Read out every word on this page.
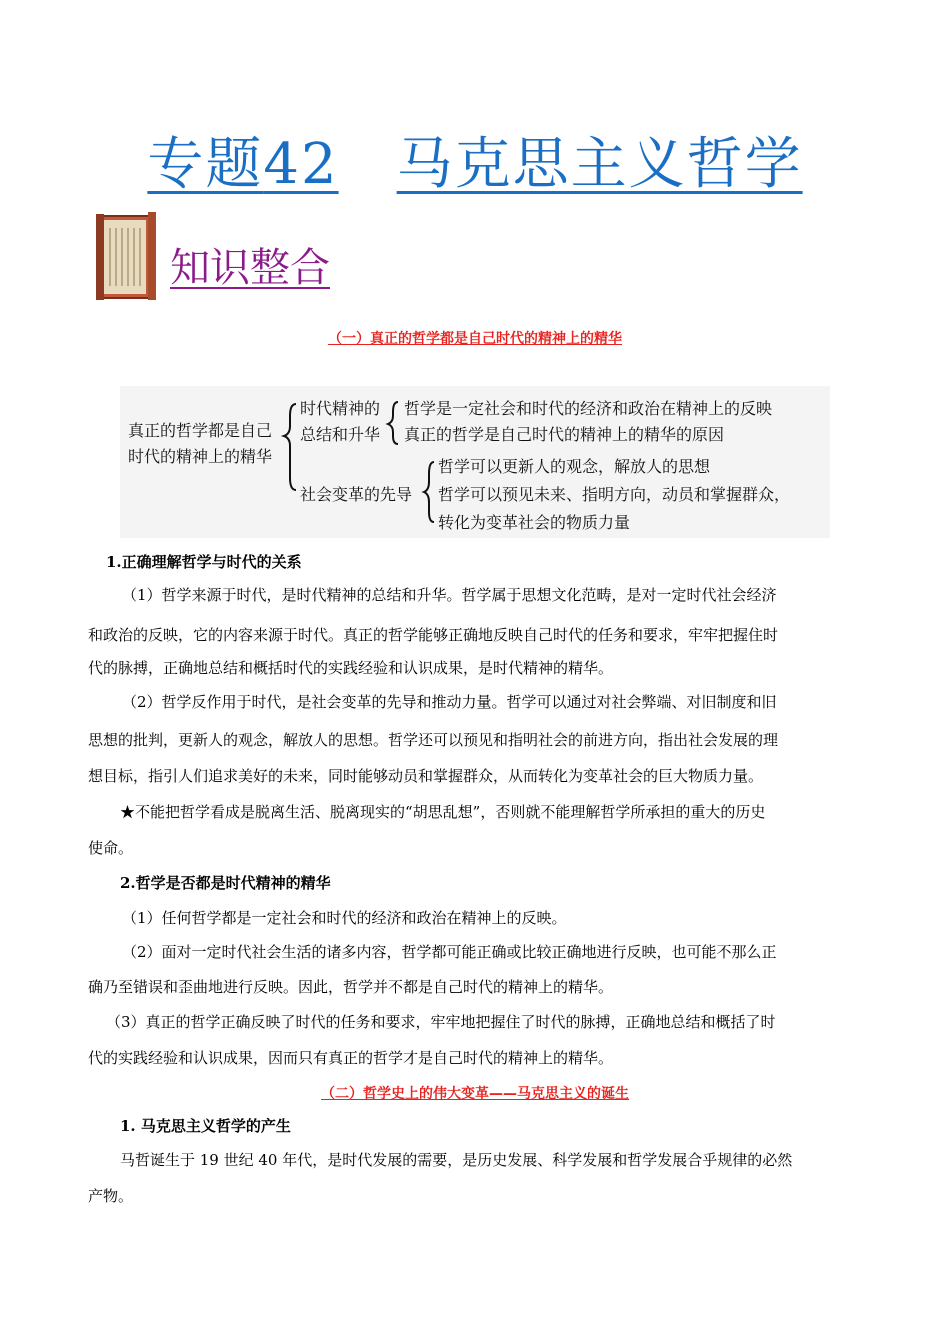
专题42 马克思主义哲学
知识整合
（一）真正的哲学都是自己时代的精神上的精华
真正的哲学都是自己
时代的精神上的精华
时代精神的
总结和升华
哲学是一定社会和时代的经济和政治在精神上的反映
真正的哲学是自己时代的精神上的精华的原因
社会变革的先导
哲学可以更新人的观念，解放人的思想
哲学可以预见未来、指明方向，动员和掌握群众，
转化为变革社会的物质力量
1.正确理解哲学与时代的关系
（1）哲学来源于时代，是时代精神的总结和升华。哲学属于思想文化范畴，是对一定时代社会经济
和政治的反映，它的内容来源于时代。真正的哲学能够正确地反映自己时代的任务和要求，牢牢把握住时
代的脉搏，正确地总结和概括时代的实践经验和认识成果，是时代精神的精华。
（2）哲学反作用于时代，是社会变革的先导和推动力量。哲学可以通过对社会弊端、对旧制度和旧
思想的批判，更新人的观念，解放人的思想。哲学还可以预见和指明社会的前进方向，指出社会发展的理
想目标，指引人们追求美好的未来，同时能够动员和掌握群众，从而转化为变革社会的巨大物质力量。
★不能把哲学看成是脱离生活、脱离现实的“胡思乱想”，否则就不能理解哲学所承担的重大的历史
使命。
2.哲学是否都是时代精神的精华
（1）任何哲学都是一定社会和时代的经济和政治在精神上的反映。
（2）面对一定时代社会生活的诸多内容，哲学都可能正确或比较正确地进行反映，也可能不那么正
确乃至错误和歪曲地进行反映。因此，哲学并不都是自己时代的精神上的精华。
（3）真正的哲学正确反映了时代的任务和要求，牢牢地把握住了时代的脉搏，正确地总结和概括了时
代的实践经验和认识成果，因而只有真正的哲学才是自己时代的精神上的精华。
（二）哲学史上的伟大变革——马克思主义的诞生
1. 马克思主义哲学的产生
马哲诞生于 19 世纪 40 年代，是时代发展的需要，是历史发展、科学发展和哲学发展合乎规律的必然
产物。
